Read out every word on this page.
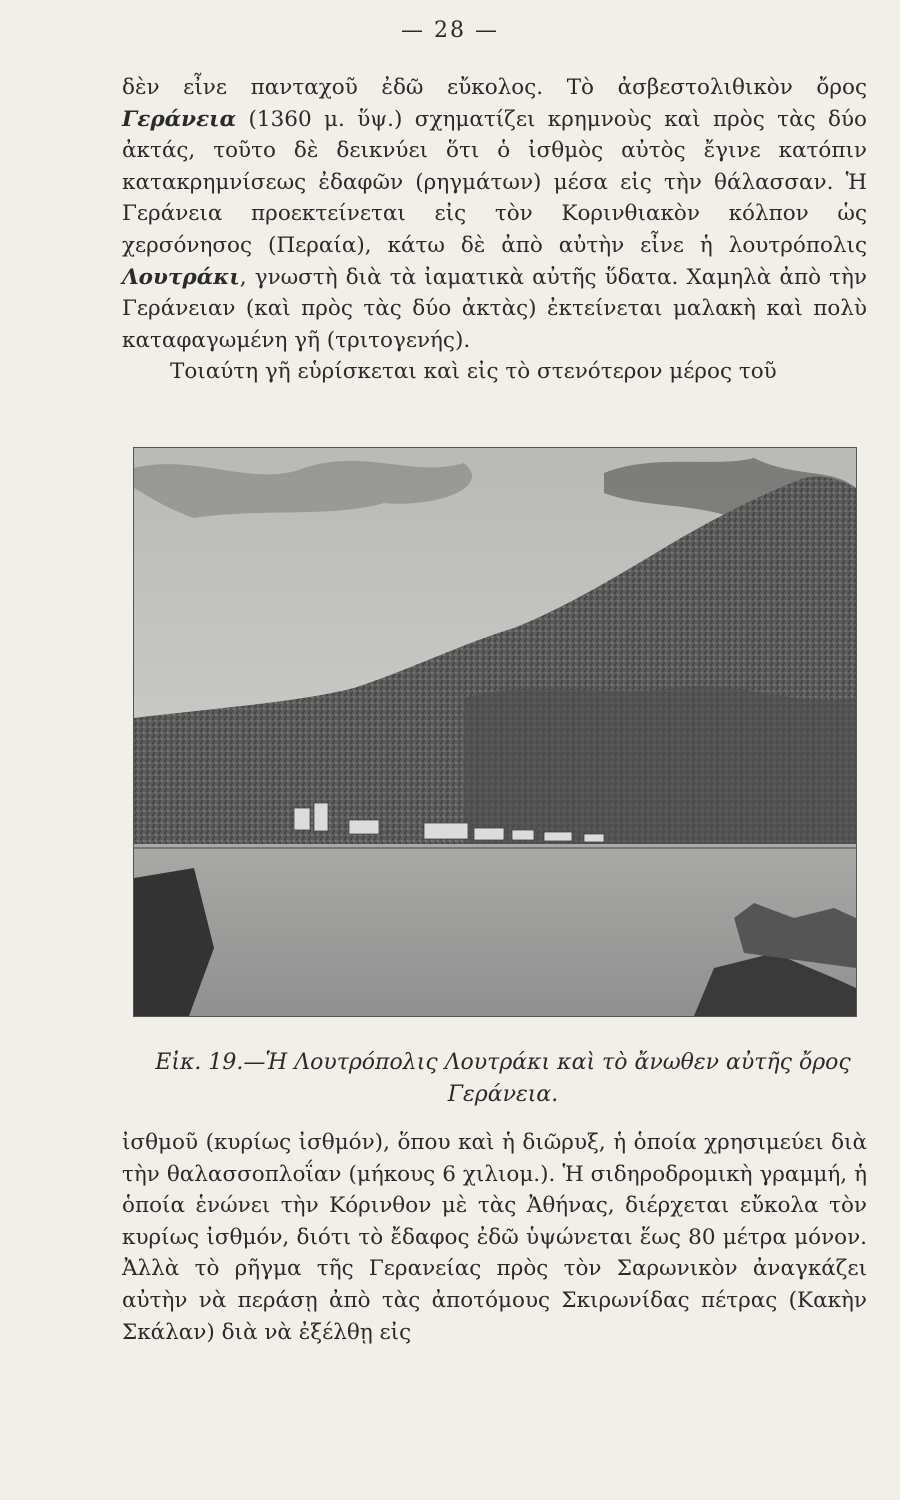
— 28 —

δὲν εἶνε πανταχοῦ ἐδῶ εὔκολος. Τὸ ἀσβεστολιθικὸν ὄρος Γεράνεια (1360 μ. ὕψ.) σχηματίζει κρημνοὺς καὶ πρὸς τὰς δύο ἀκτάς, τοῦτο δὲ δεικνύει ὅτι ὁ ἰσθμὸς αὐτὸς ἔγινε κατόπιν κατακρημνίσεως ἐδαφῶν (ρηγμάτων) μέσα εἰς τὴν θάλασσαν. Ἡ Γεράνεια προεκτείνεται εἰς τὸν Κορινθιακὸν κόλπον ὡς χερσόνησος (Περαία), κάτω δὲ ἀπὸ αὐτὴν εἶνε ἡ λουτρόπολις Λουτράκι, γνωστὴ διὰ τὰ ἰαματικὰ αὐτῆς ὕδατα. Χαμηλὰ ἀπὸ τὴν Γεράνειαν (καὶ πρὸς τὰς δύο ἀκτὰς) ἐκτείνεται μαλακὴ καὶ πολὺ καταφαγωμένη γῆ (τριτογενής).

Τοιαύτη γῆ εὑρίσκεται καὶ εἰς τὸ στενότερον μέρος τοῦ

Εἰκ. 19.—Ἡ Λουτρόπολις Λουτράκι καὶ τὸ ἄνωθεν αὐτῆς ὄρος Γεράνεια.

ἰσθμοῦ (κυρίως ἰσθμόν), ὅπου καὶ ἡ διῶρυξ, ἡ ὁποία χρησιμεύει διὰ τὴν θαλασσοπλοΐαν (μήκους 6 χιλιομ.). Ἡ σιδηροδρομικὴ γραμμή, ἡ ὁποία ἑνώνει τὴν Κόρινθον μὲ τὰς Ἀθήνας, διέρχεται εὔκολα τὸν κυρίως ἰσθμόν, διότι τὸ ἔδαφος ἐδῶ ὑψώνεται ἕως 80 μέτρα μόνον. Ἀλλὰ τὸ ρῆγμα τῆς Γερανείας πρὸς τὸν Σαρωνικὸν ἀναγκάζει αὐτὴν νὰ περάσῃ ἀπὸ τὰς ἀποτόμους Σκιρωνίδας πέτρας (Κακὴν Σκάλαν) διὰ νὰ ἐξέλθῃ εἰς
